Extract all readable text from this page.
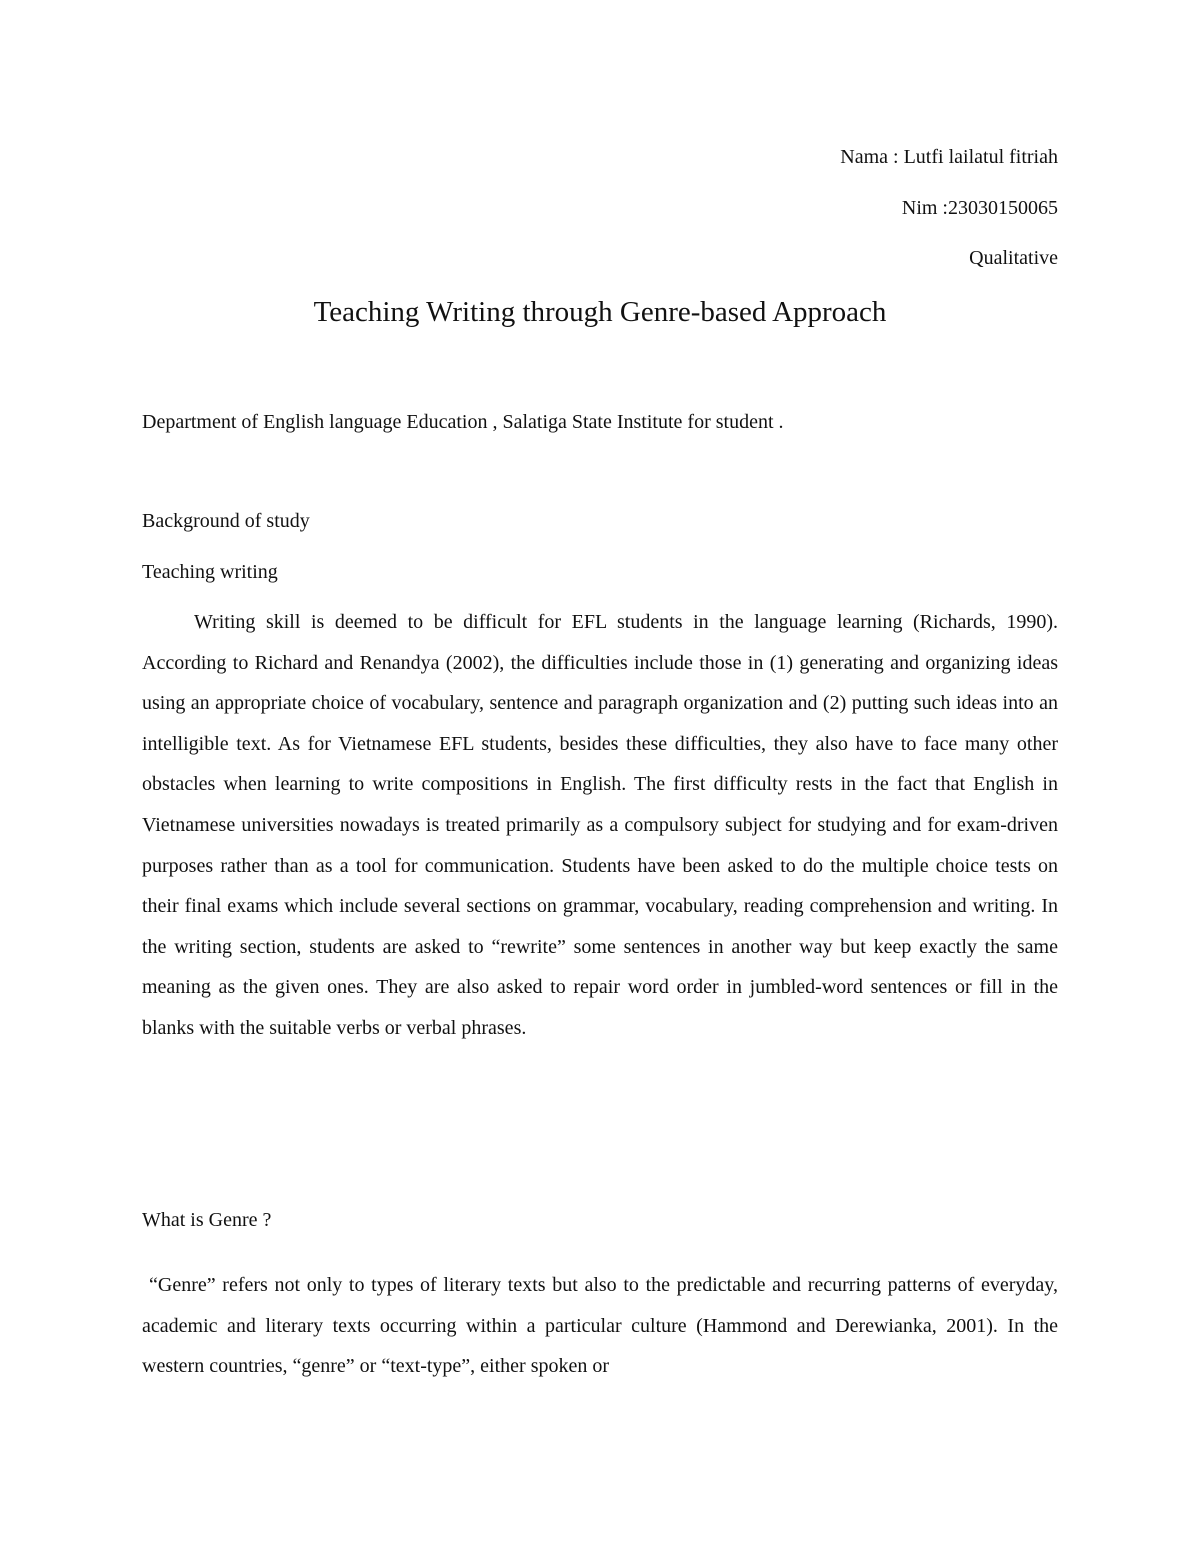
Nama : Lutfi lailatul fitriah
Nim :23030150065
Qualitative
Teaching Writing through Genre-based Approach
Department of English language Education , Salatiga State Institute for student .
Background of study
Teaching writing

Writing skill is deemed to be difficult for EFL students in the language learning (Richards, 1990). According to Richard and Renandya (2002), the difficulties include those in (1) generating and organizing ideas using an appropriate choice of vocabulary, sentence and paragraph organization and (2) putting such ideas into an intelligible text. As for Vietnamese EFL students, besides these difficulties, they also have to face many other obstacles when learning to write compositions in English. The first difficulty rests in the fact that English in Vietnamese universities nowadays is treated primarily as a compulsory subject for studying and for exam-driven purposes rather than as a tool for communication. Students have been asked to do the multiple choice tests on their final exams which include several sections on grammar, vocabulary, reading comprehension and writing. In the writing section, students are asked to “rewrite” some sentences in another way but keep exactly the same meaning as the given ones. They are also asked to repair word order in jumbled-word sentences or fill in the blanks with the suitable verbs or verbal phrases.

What is Genre ?

“Genre” refers not only to types of literary texts but also to the predictable and recurring patterns of everyday, academic and literary texts occurring within a particular culture (Hammond and Derewianka, 2001). In the western countries, “genre” or “text-type”, either spoken or
